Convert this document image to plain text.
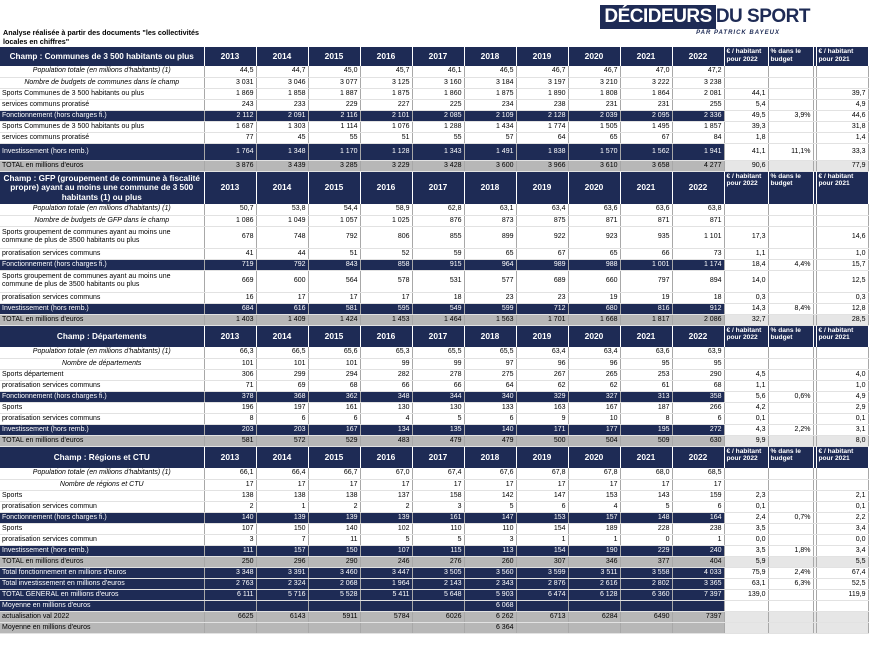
Analyse réalisée à partir des documents "les collectivités locales en chiffres"
DÉCIDEURS DU SPORT
PAR PATRICK BAYEUX
Champ : Communes de 3 500 habitants ou plus	2013	2014	2015	2016	2017	2018	2019	2020	2021	2022	€ / habitant pour 2022	% dans le budget		€ / habitant pour 2021
Population totale (en millions d'habitants) (1)	44,5	44,7	45,0	45,7	46,1	46,5	46,7	46,7	47,0	47,2				
Nombre de budgets de communes dans le champ	3 031	3 046	3 077	3 125	3 160	3 184	3 197	3 210	3 222	3 238				
Sports Communes de 3 500 habitants ou plus	1 869	1 858	1 887	1 875	1 860	1 875	1 890	1 808	1 864	2 081	44,1			39,7
services communs proratisé	243	233	229	227	225	234	238	231	231	255	5,4			4,9
Fonctionnement (hors charges fi.)	2 112	2 091	2 116	2 101	2 085	2 109	2 128	2 039	2 095	2 336	49,5	3,9%		44,6
Sports Communes de 3 500 habitants ou plus	1 687	1 303	1 114	1 076	1 288	1 434	1 774	1 505	1 495	1 857	39,3			31,8
services communs proratisé	77	45	55	51	55	57	64	65	67	84	1,8			1,4
Investissement (hors remb.)	1 764	1 348	1 170	1 128	1 343	1 491	1 838	1 570	1 562	1 941	41,1	11,1%		33,3
TOTAL en millions d'euros	3 876	3 439	3 285	3 229	3 428	3 600	3 966	3 610	3 658	4 277	90,6			77,9
Champ : GFP (groupement de commune à fiscalité propre) ayant au moins une commune de 3 500 habitants (1) ou plus	2013	2014	2015	2016	2017	2018	2019	2020	2021	2022	€ / habitant pour 2022	% dans le budget		€ / habitant pour 2021
Population totale (en millions d'habitants) (1)	50,7	53,8	54,4	58,9	62,8	63,1	63,4	63,6	63,6	63,8				
Nombre de budgets de GFP dans le champ	1 086	1 049	1 057	1 025	876	873	875	871	871	871				
Sports groupement de communes ayant au moins une commune de plus de 3500 habitants ou plus	678	748	792	806	855	899	922	923	935	1 101	17,3			14,6
proratisation services communs	41	44	51	52	59	65	67	65	66	73	1,1			1,0
Fonctionnement (hors charges fi.)	719	792	843	858	915	964	989	988	1 001	1 174	18,4	4,4%		15,7
Sports groupement de communes ayant au moins une commune de plus de 3500 habitants ou plus	669	600	564	578	531	577	689	660	797	894	14,0			12,5
proratisation services communs	16	17	17	17	18	23	23	19	19	18	0,3			0,3
Investissement (hors remb.)	684	616	581	595	549	599	712	680	816	912	14,3	8,4%		12,8
TOTAL en millions d'euros	1 403	1 409	1 424	1 453	1 464	1 563	1 701	1 668	1 817	2 086	32,7			28,5
Champ : Départements	2013	2014	2015	2016	2017	2018	2019	2020	2021	2022	€ / habitant pour 2022	% dans le budget		€ / habitant pour 2021
Population totale (en millions d'habitants) (1)	66,3	66,5	65,6	65,3	65,5	65,5	63,4	63,4	63,6	63,9				
Nombre de départements	101	101	101	99	99	97	96	96	95	95				
Sports département	306	299	294	282	278	275	267	265	253	290	4,5			4,0
proratisation services communs	71	69	68	66	66	64	62	62	61	68	1,1			1,0
Fonctionnement (hors charges fi.)	378	368	362	348	344	340	329	327	313	358	5,6	0,6%		4,9
Sports	196	197	161	130	130	133	163	167	187	266	4,2			2,9
proratisation services communs	8	6	6	4	5	6	9	10	8	6	0,1			0,1
Investissement (hors remb.)	203	203	167	134	135	140	171	177	195	272	4,3	2,2%		3,1
TOTAL en millions d'euros	581	572	529	483	479	479	500	504	509	630	9,9			8,0
Champ : Régions et CTU	2013	2014	2015	2016	2017	2018	2019	2020	2021	2022	€ / habitant pour 2022	% dans le budget		€ / habitant pour 2021
Population totale (en millions d'habitants) (1)	66,1	66,4	66,7	67,0	67,4	67,6	67,8	67,8	68,0	68,5				
Nombre de régions et CTU	17	17	17	17	17	17	17	17	17	17				
Sports	138	138	138	137	158	142	147	153	143	159	2,3			2,1
proratisation services commun	2	1	2	2	3	5	6	4	5	6	0,1			0,1
Fonctionnement (hors charges fi.)	140	139	139	139	161	147	153	157	148	164	2,4	0,7%		2,2
Sports	107	150	140	102	110	110	154	189	228	238	3,5			3,4
proratisation services commun	3	7	11	5	5	3	1	1	0	1	0,0			0,0
Investissement (hors remb.)	111	157	150	107	115	113	154	190	229	240	3,5	1,8%		3,4
TOTAL en millions d'euros	250	296	290	246	276	260	307	346	377	404	5,9			5,5
Total fonctionnement en millions d'euros	3 348	3 391	3 460	3 447	3 505	3 560	3 599	3 511	3 558	4 033	75,9	2,4%		67,4
Total investissement en millions d'euros	2 763	2 324	2 068	1 964	2 143	2 343	2 876	2 616	2 802	3 365	63,1	6,3%		52,5
TOTAL GENERAL en millions d'euros	6 111	5 716	5 528	5 411	5 648	5 903	6 474	6 128	6 360	7 397	139,0			119,9
Moyenne en millions d'euros						6 068								
actualisation val 2022	6625	6143	5911	5784	6026	6 262	6713	6284	6490	7397				
Moyenne en millions d'euros						6 364								
